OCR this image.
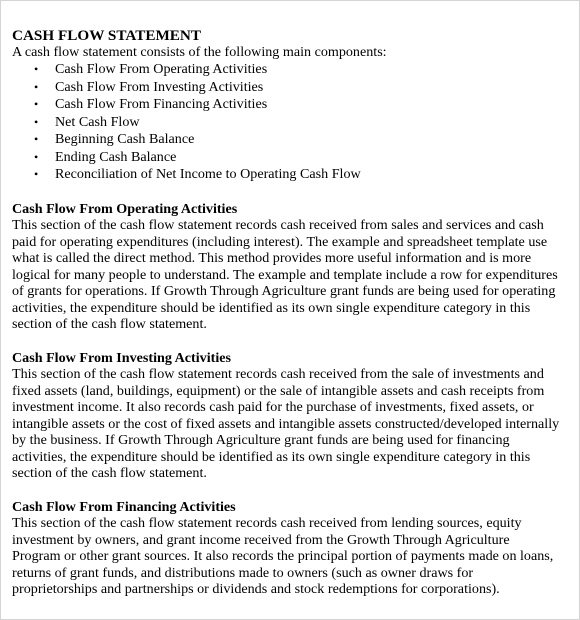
CASH FLOW STATEMENT

A cash flow statement consists of the following main components:

• Cash Flow From Operating Activities
• Cash Flow From Investing Activities
• Cash Flow From Financing Activities
• Net Cash Flow
• Beginning Cash Balance
• Ending Cash Balance
• Reconciliation of Net Income to Operating Cash Flow

Cash Flow From Operating Activities

This section of the cash flow statement records cash received from sales and services and cash

paid for operating expenditures (including interest). The example and spreadsheet template use

what is called the direct method. This method provides more useful information and is more

logical for many people to understand. The example and template include a row for expenditures

of grants for operations. If Growth Through Agriculture grant funds are being used for operating

activities, the expenditure should be identified as its own single expenditure category in this

section of the cash flow statement.

Cash Flow From Investing Activities

This section of the cash flow statement records cash received from the sale of investments and

fixed assets (land, buildings, equipment) or the sale of intangible assets and cash receipts from

investment income. It also records cash paid for the purchase of investments, fixed assets, or

intangible assets or the cost of fixed assets and intangible assets constructed/developed internally

by the business. If Growth Through Agriculture grant funds are being used for financing

activities, the expenditure should be identified as its own single expenditure category in this

section of the cash flow statement.

Cash Flow From Financing Activities

This section of the cash flow statement records cash received from lending sources, equity

investment by owners, and grant income received from the Growth Through Agriculture

Program or other grant sources. It also records the principal portion of payments made on loans,

returns of grant funds, and distributions made to owners (such as owner draws for

proprietorships and partnerships or dividends and stock redemptions for corporations).
